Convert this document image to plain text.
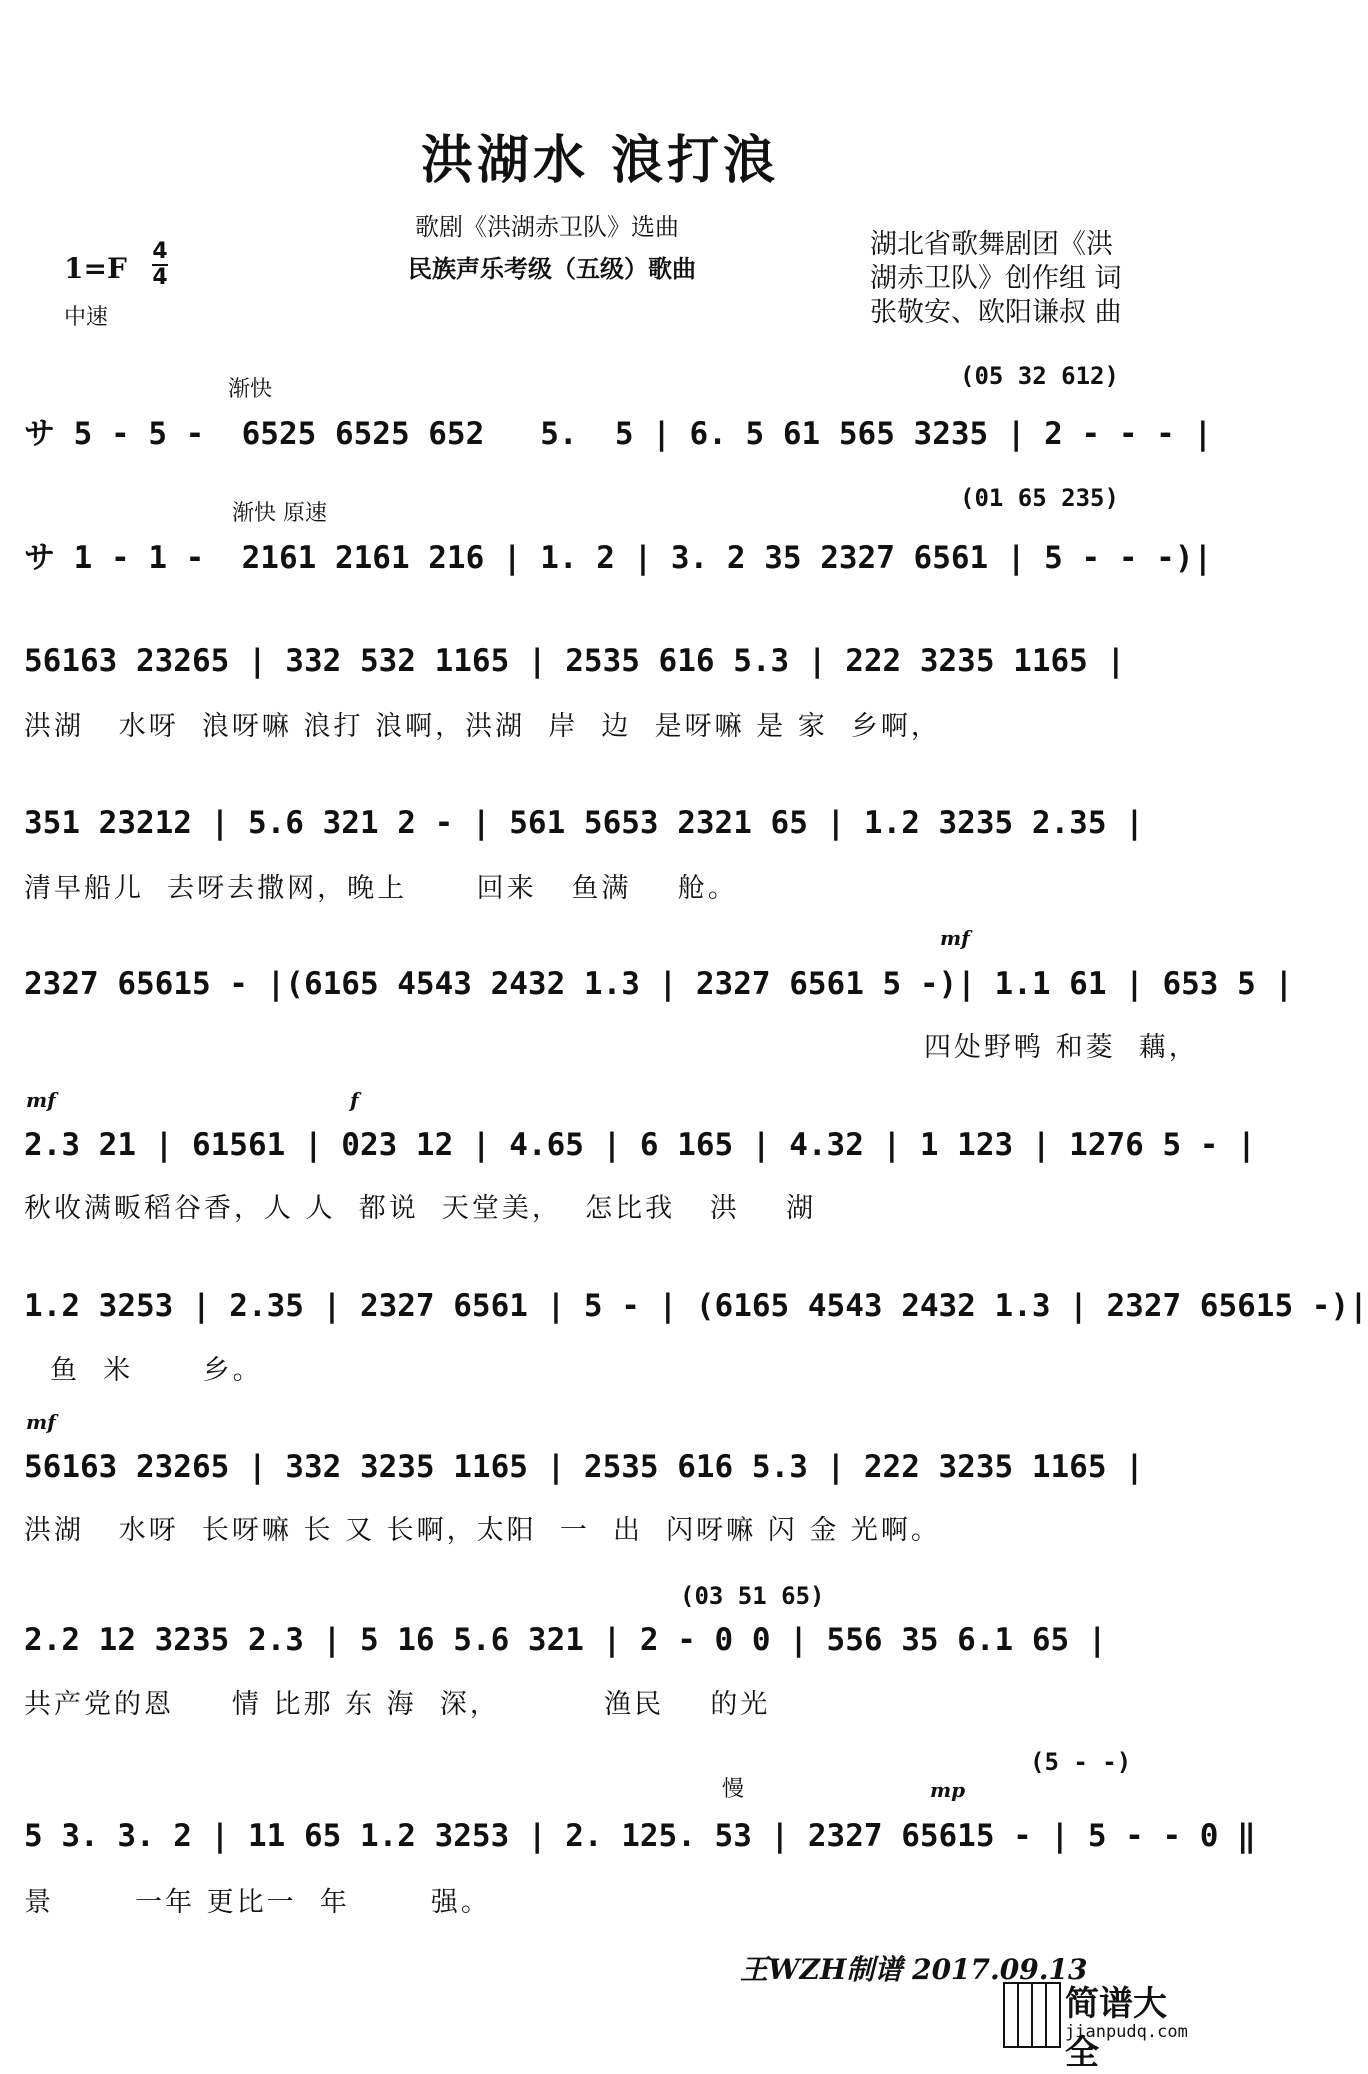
洪湖水 浪打浪
歌剧《洪湖赤卫队》选曲
民族声乐考级（五级）歌曲
1=F
4
4
中速
湖北省歌舞剧团《洪
湖赤卫队》创作组 词
张敬安、欧阳谦叔 曲
渐快	(05 32 612)
サ 5 - 5 -  6525 6525 652   5.  5 | 6. 5 61 565 3235 | 2 - - - |
渐快 原速
(01 65 235)
サ 1 - 1 -  2161 2161 216 | 1. 2 | 3. 2 35 2327 6561 | 5 - - -)|
56163 23265 | 332 532 1165 | 2535 616 5.3 | 222 3235 1165 |
洪湖   水呀  浪呀嘛 浪打 浪啊，洪湖  岸  边  是呀嘛 是 家  乡啊，
351 23212 | 5.6 321 2 - | 561 5653 2321 65 | 1.2 3235 2.35 |
清早船儿  去呀去撒网，晚上      回来   鱼满    舱。
mf
2327 65615 - |(6165 4543 2432 1.3 | 2327 6561 5 -)| 1.1 61 | 653 5 |
四处野鸭 和菱  藕，
mf	f
2.3 21 | 61561 | 023 12 | 4.65 | 6 165 | 4.32 | 1 123 | 1276 5 - |
秋收满畈稻谷香，人 人  都说  天堂美，  怎比我   洪    湖
1.2 3253 | 2.35 | 2327 6561 | 5 - | (6165 4543 2432 1.3 | 2327 65615 -)|
鱼  米      乡。
mf
56163 23265 | 332 3235 1165 | 2535 616 5.3 | 222 3235 1165 |
洪湖   水呀  长呀嘛 长 又 长啊，太阳  一  出  闪呀嘛 闪 金 光啊。
(03 51 65)
2.2 12 3235 2.3 | 5 16 5.6 321 | 2 - 0 0 | 556 35 6.1 65 |
共产党的恩     情 比那 东 海  深，         渔民    的光
(5 - -)
慢	mp
5 3. 3. 2 | 11 65 1.2 3253 | 2. 125. 53 | 2327 65615 - | 5 - - 0 ‖
景       一年 更比一  年       强。
王WZH制谱 2017.09.13
简谱大全
jianpudq.com
